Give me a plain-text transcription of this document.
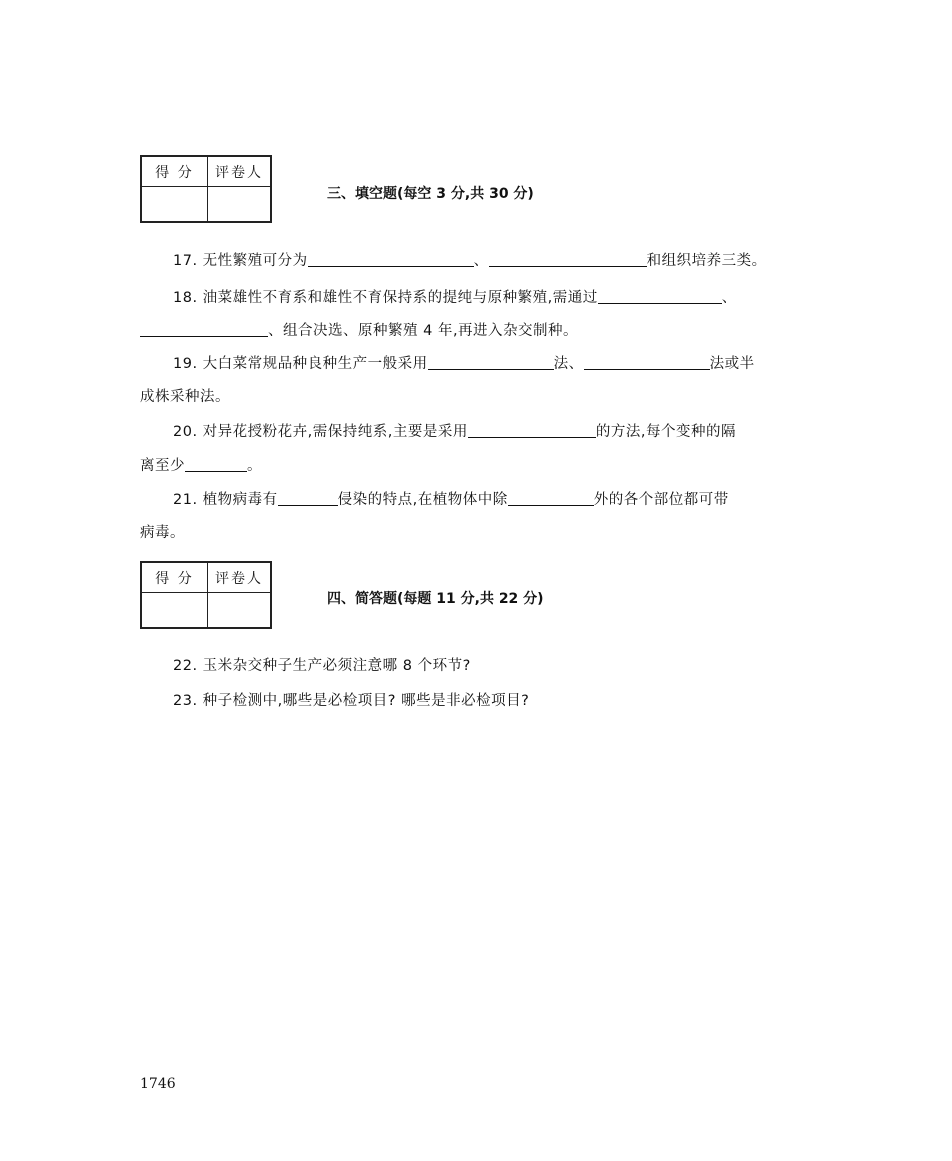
得 分	评卷人
三、填空题(每空 3 分,共 30 分)
17. 无性繁殖可分为	、	和组织培养三类。
18. 油菜雄性不育系和雄性不育保持系的提纯与原种繁殖,需通过	、
、组合决选、原种繁殖 4 年,再进入杂交制种。
19. 大白菜常规品种良种生产一般采用	法、	法或半
成株采种法。
20. 对异花授粉花卉,需保持纯系,主要是采用	的方法,每个变种的隔
离至少	。
21. 植物病毒有	侵染的特点,在植物体中除	外的各个部位都可带
病毒。
得 分	评卷人
四、简答题(每题 11 分,共 22 分)
22. 玉米杂交种子生产必须注意哪 8 个环节?
23. 种子检测中,哪些是必检项目? 哪些是非必检项目?
1746
